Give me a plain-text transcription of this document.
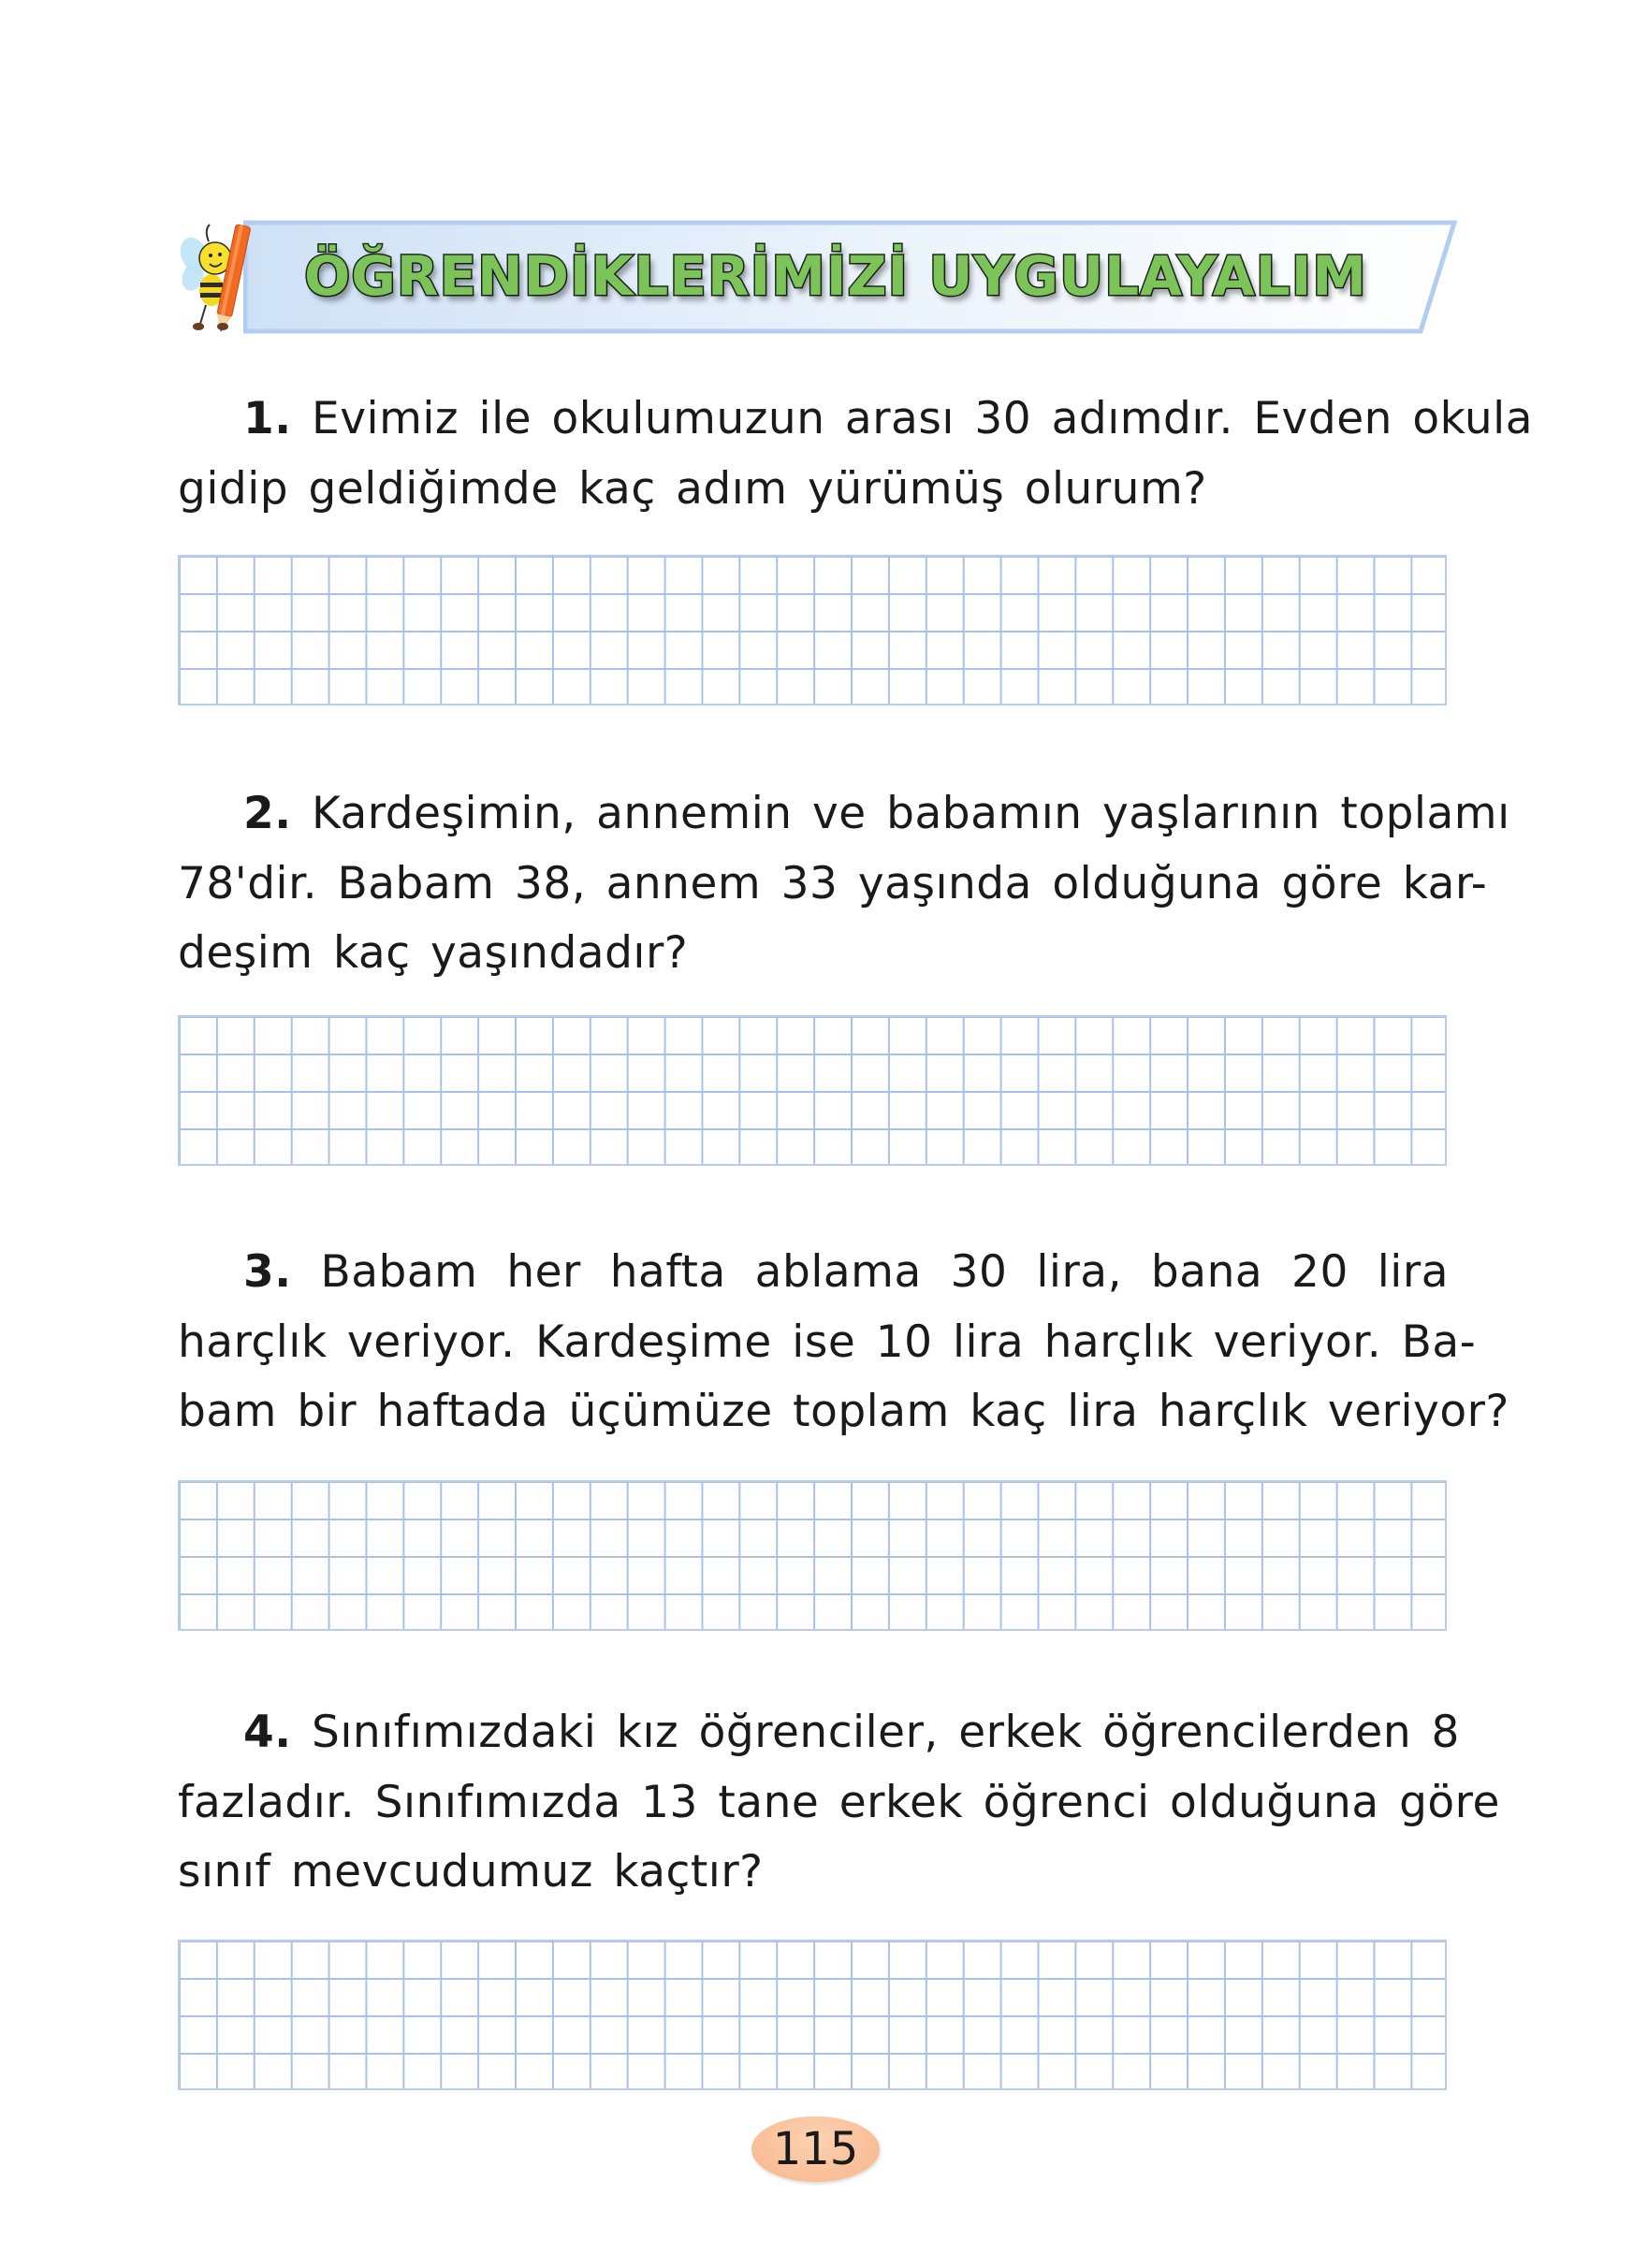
ÖĞRENDİKLERİMİZİ UYGULAYALIM
1. Evimiz ile okulumuzun arası 30 adımdır. Evden okula
gidip geldiğimde kaç adım yürümüş olurum?
2. Kardeşimin, annemin ve babamın yaşlarının toplamı
78'dir. Babam 38, annem 33 yaşında olduğuna göre kar-
deşim kaç yaşındadır?
3. Babam her hafta ablama 30 lira, bana 20 lira
harçlık veriyor. Kardeşime ise 10 lira harçlık veriyor. Ba-
bam bir haftada üçümüze toplam kaç lira harçlık veriyor?
4. Sınıfımızdaki kız öğrenciler, erkek öğrencilerden 8
fazladır. Sınıfımızda 13 tane erkek öğrenci olduğuna göre
sınıf mevcudumuz kaçtır?
115
